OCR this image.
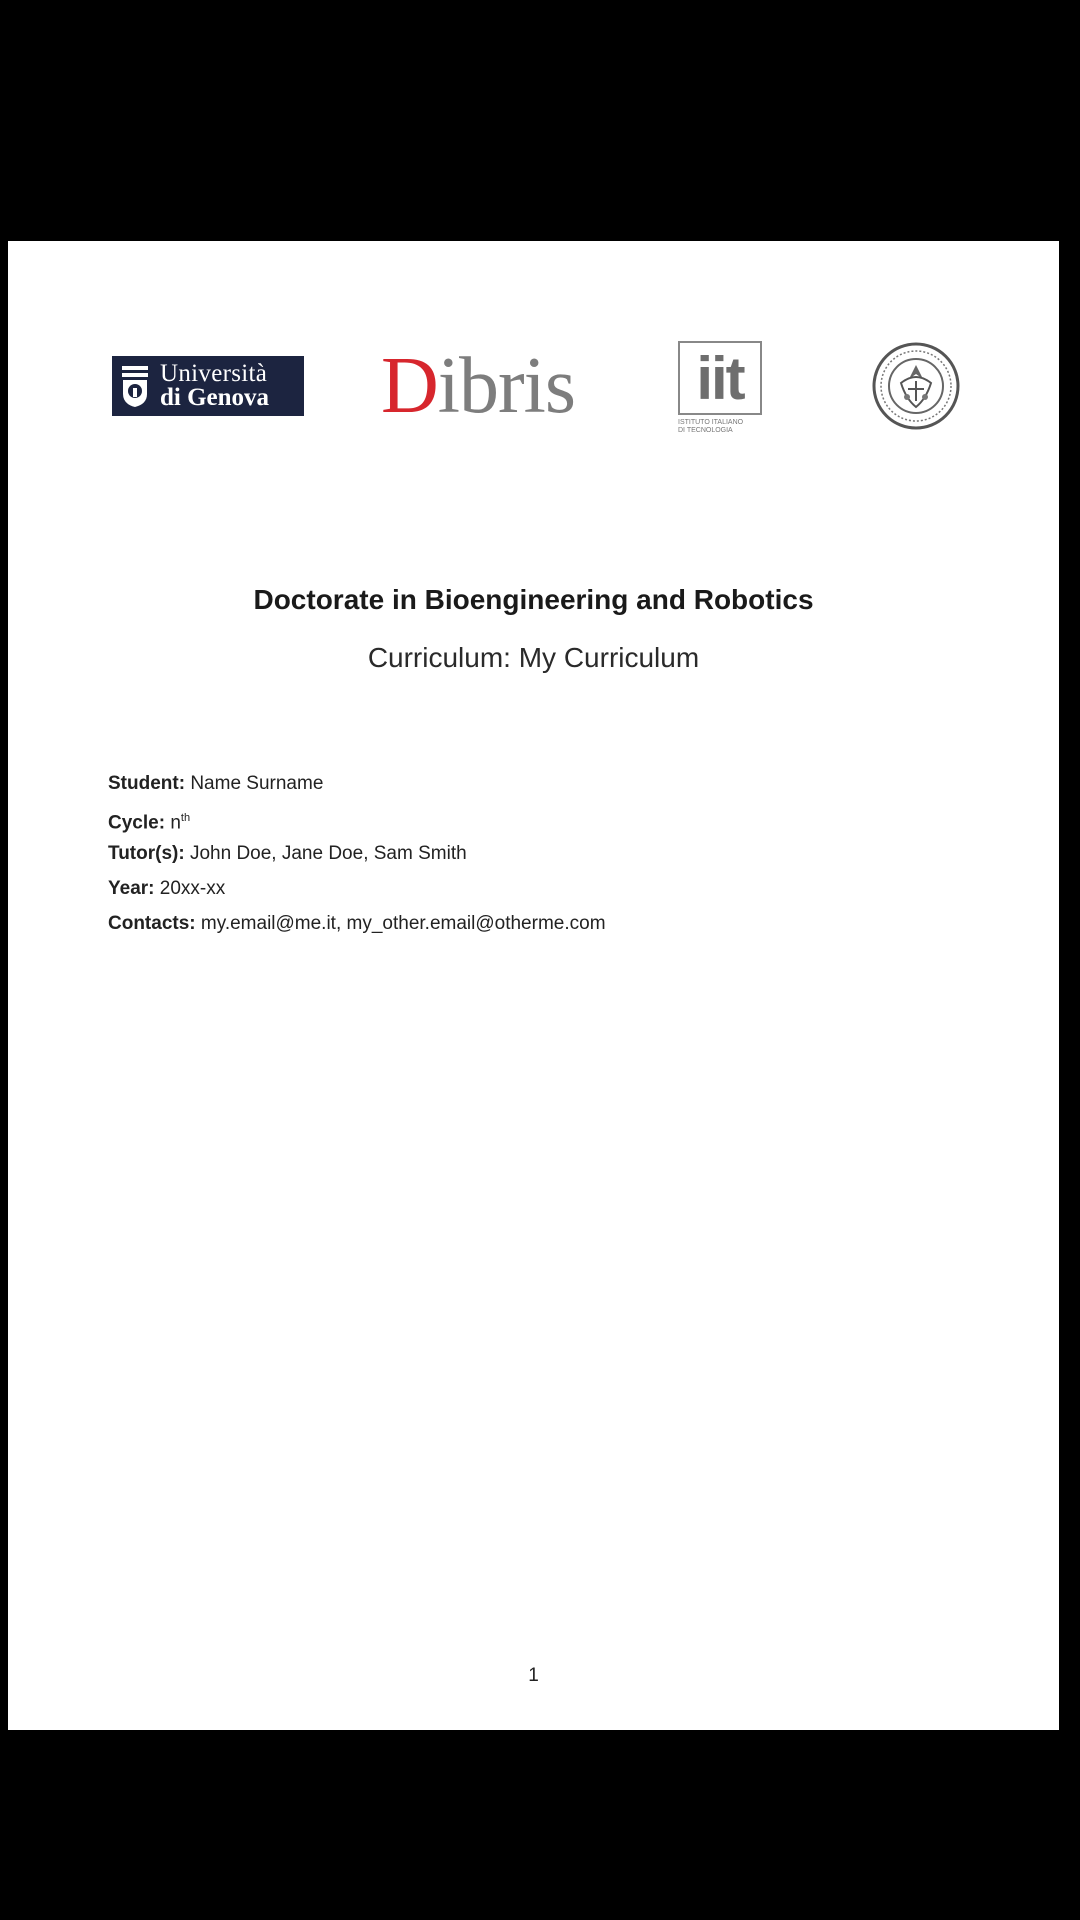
Università
di Genova Dibris	iit
ISTITUTO ITALIANO
DI TECNOLOGIA
Doctorate in Bioengineering and Robotics
Curriculum: My Curriculum
Student: Name Surname
Cycle: $n^{th}$
Tutor(s): John Doe, Jane Doe, Sam Smith
Year: 20xx-xx
Contacts: my.email@me.it, my_other.email@otherme.com
1
